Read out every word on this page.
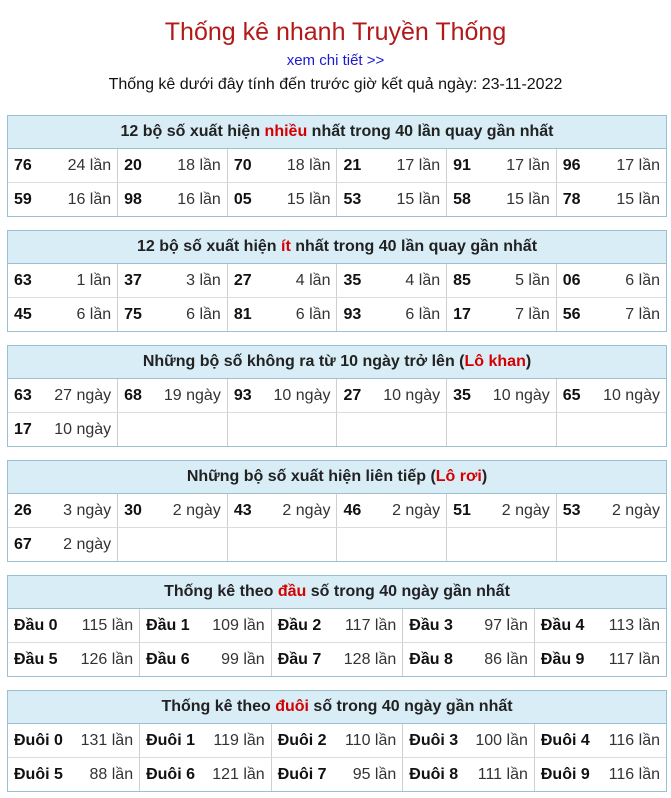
Thống kê nhanh Truyền Thống
xem chi tiết >>
Thống kê dưới đây tính đến trước giờ kết quả ngày: 23-11-2022
12 bộ số xuất hiện nhiều nhất trong 40 lần quay gần nhất
76 24 lần	20 18 lần	70 18 lần	21 17 lần	91 17 lần	96 17 lần

59 16 lần	98 16 lần	05 15 lần	53 15 lần	58 15 lần	78 15 lần
12 bộ số xuất hiện ít nhất trong 40 lần quay gần nhất
63 1 lần	37 3 lần	27 4 lần	35 4 lần	85 5 lần	06 6 lần

45 6 lần	75 6 lần	81 6 lần	93 6 lần	17 7 lần	56 7 lần
Những bộ số không ra từ 10 ngày trở lên (Lô khan)
63 27 ngày	68 19 ngày	93 10 ngày	27 10 ngày	35 10 ngày	65 10 ngày

17 10 ngày					

Những bộ số xuất hiện liên tiếp (Lô rơi)
26 3 ngày	30 2 ngày	43 2 ngày	46 2 ngày	51 2 ngày	53 2 ngày

67 2 ngày					

Thống kê theo đầu số trong 40 ngày gần nhất
Đầu 0 115 lần	Đầu 1 109 lần	Đầu 2 117 lần	Đầu 3 97 lần	Đầu 4 113 lần

Đầu 5 126 lần	Đầu 6 99 lần	Đầu 7 128 lần	Đầu 8 86 lần	Đầu 9 117 lần
Thống kê theo đuôi số trong 40 ngày gần nhất
Đuôi 0 131 lần	Đuôi 1 119 lần	Đuôi 2 110 lần	Đuôi 3 100 lần	Đuôi 4 116 lần

Đuôi 5 88 lần	Đuôi 6 121 lần	Đuôi 7 95 lần	Đuôi 8 111 lần	Đuôi 9 116 lần
